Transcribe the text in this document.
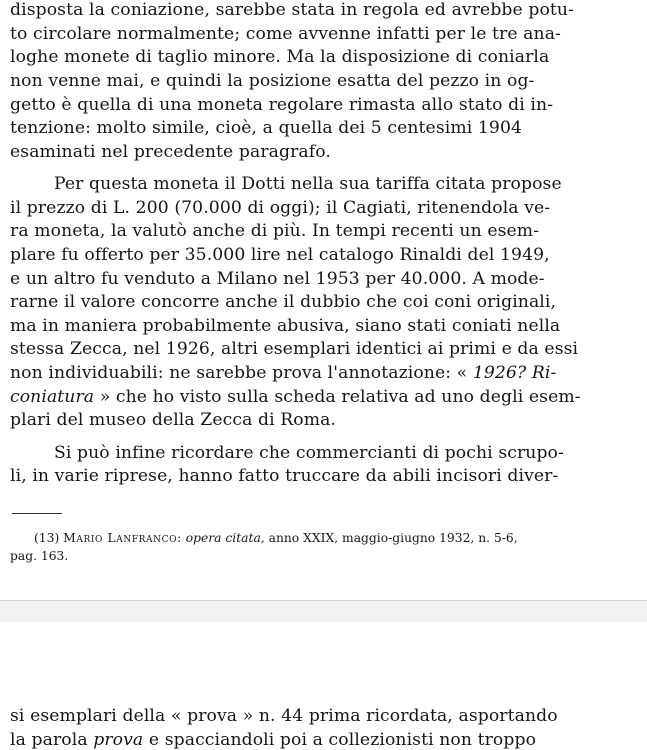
disposta la coniazione, sarebbe stata in regola ed avrebbe potu-
to circolare normalmente; come avvenne infatti per le tre ana-
loghe monete di taglio minore. Ma la disposizione di coniarla
non venne mai, e quindi la posizione esatta del pezzo in og-
getto è quella di una moneta regolare rimasta allo stato di in-
tenzione: molto simile, cioè, a quella dei 5 centesimi 1904
esaminati nel precedente paragrafo.
Per questa moneta il Dotti nella sua tariffa citata propose
il prezzo di L. 200 (70.000 di oggi); il Cagiati, ritenendola ve-
ra moneta, la valutò anche di più. In tempi recenti un esem-
plare fu offerto per 35.000 lire nel catalogo Rinaldi del 1949,
e un altro fu venduto a Milano nel 1953 per 40.000. A mode-
rarne il valore concorre anche il dubbio che coi coni originali,
ma in maniera probabilmente abusiva, siano stati coniati nella
stessa Zecca, nel 1926, altri esemplari identici ai primi e da essi
non individuabili: ne sarebbe prova l'annotazione: « 1926? Ri-
coniatura » che ho visto sulla scheda relativa ad uno degli esem-
plari del museo della Zecca di Roma.
Si può infine ricordare che commercianti di pochi scrupo-
li, in varie riprese, hanno fatto truccare da abili incisori diver-
(13) Mario Lanfranco: opera citata, anno XXIX, maggio-giugno 1932, n. 5-6,
pag. 163.
si esemplari della « prova » n. 44 prima ricordata, asportando
la parola prova e spacciandoli poi a collezionisti non troppo
